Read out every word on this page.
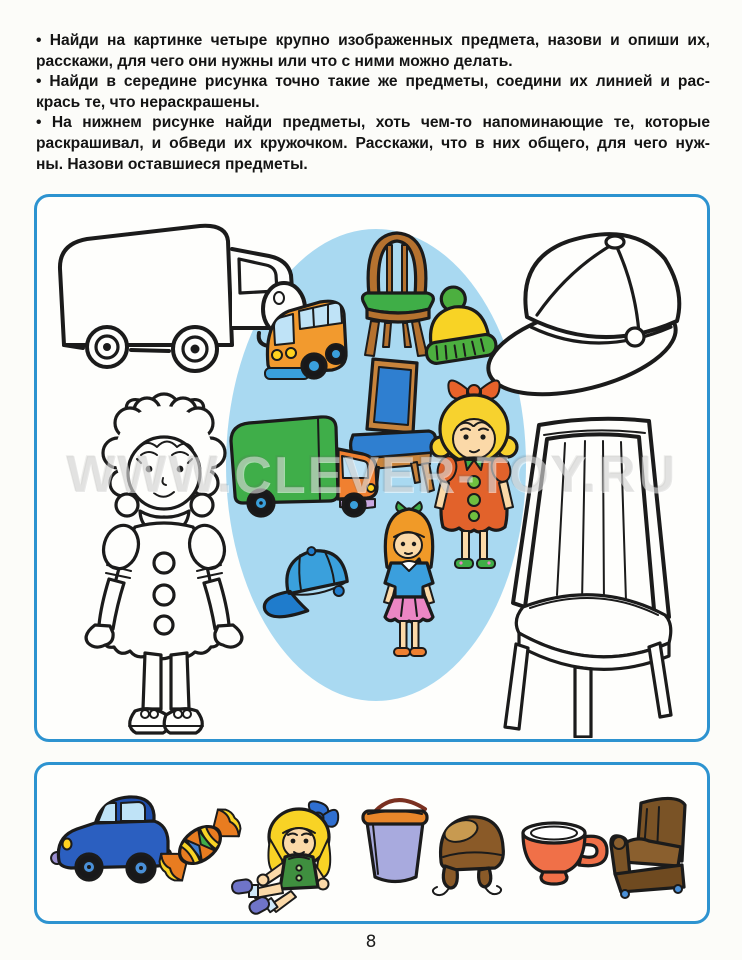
• Найди на картинке четыре крупно изображенных предмета, назови и опиши их,
расскажи, для чего они нужны или что с ними можно делать.
• Найди в середине рисунка точно такие же предметы, соедини их линией и рас-
крась те, что нераскрашены.
• На нижнем рисунке найди предметы, хоть чем-то напоминающие те, которые
раскрашивал, и обведи их кружочком. Расскажи, что в них общего, для чего нуж-
ны. Назови оставшиеся предметы.
8
